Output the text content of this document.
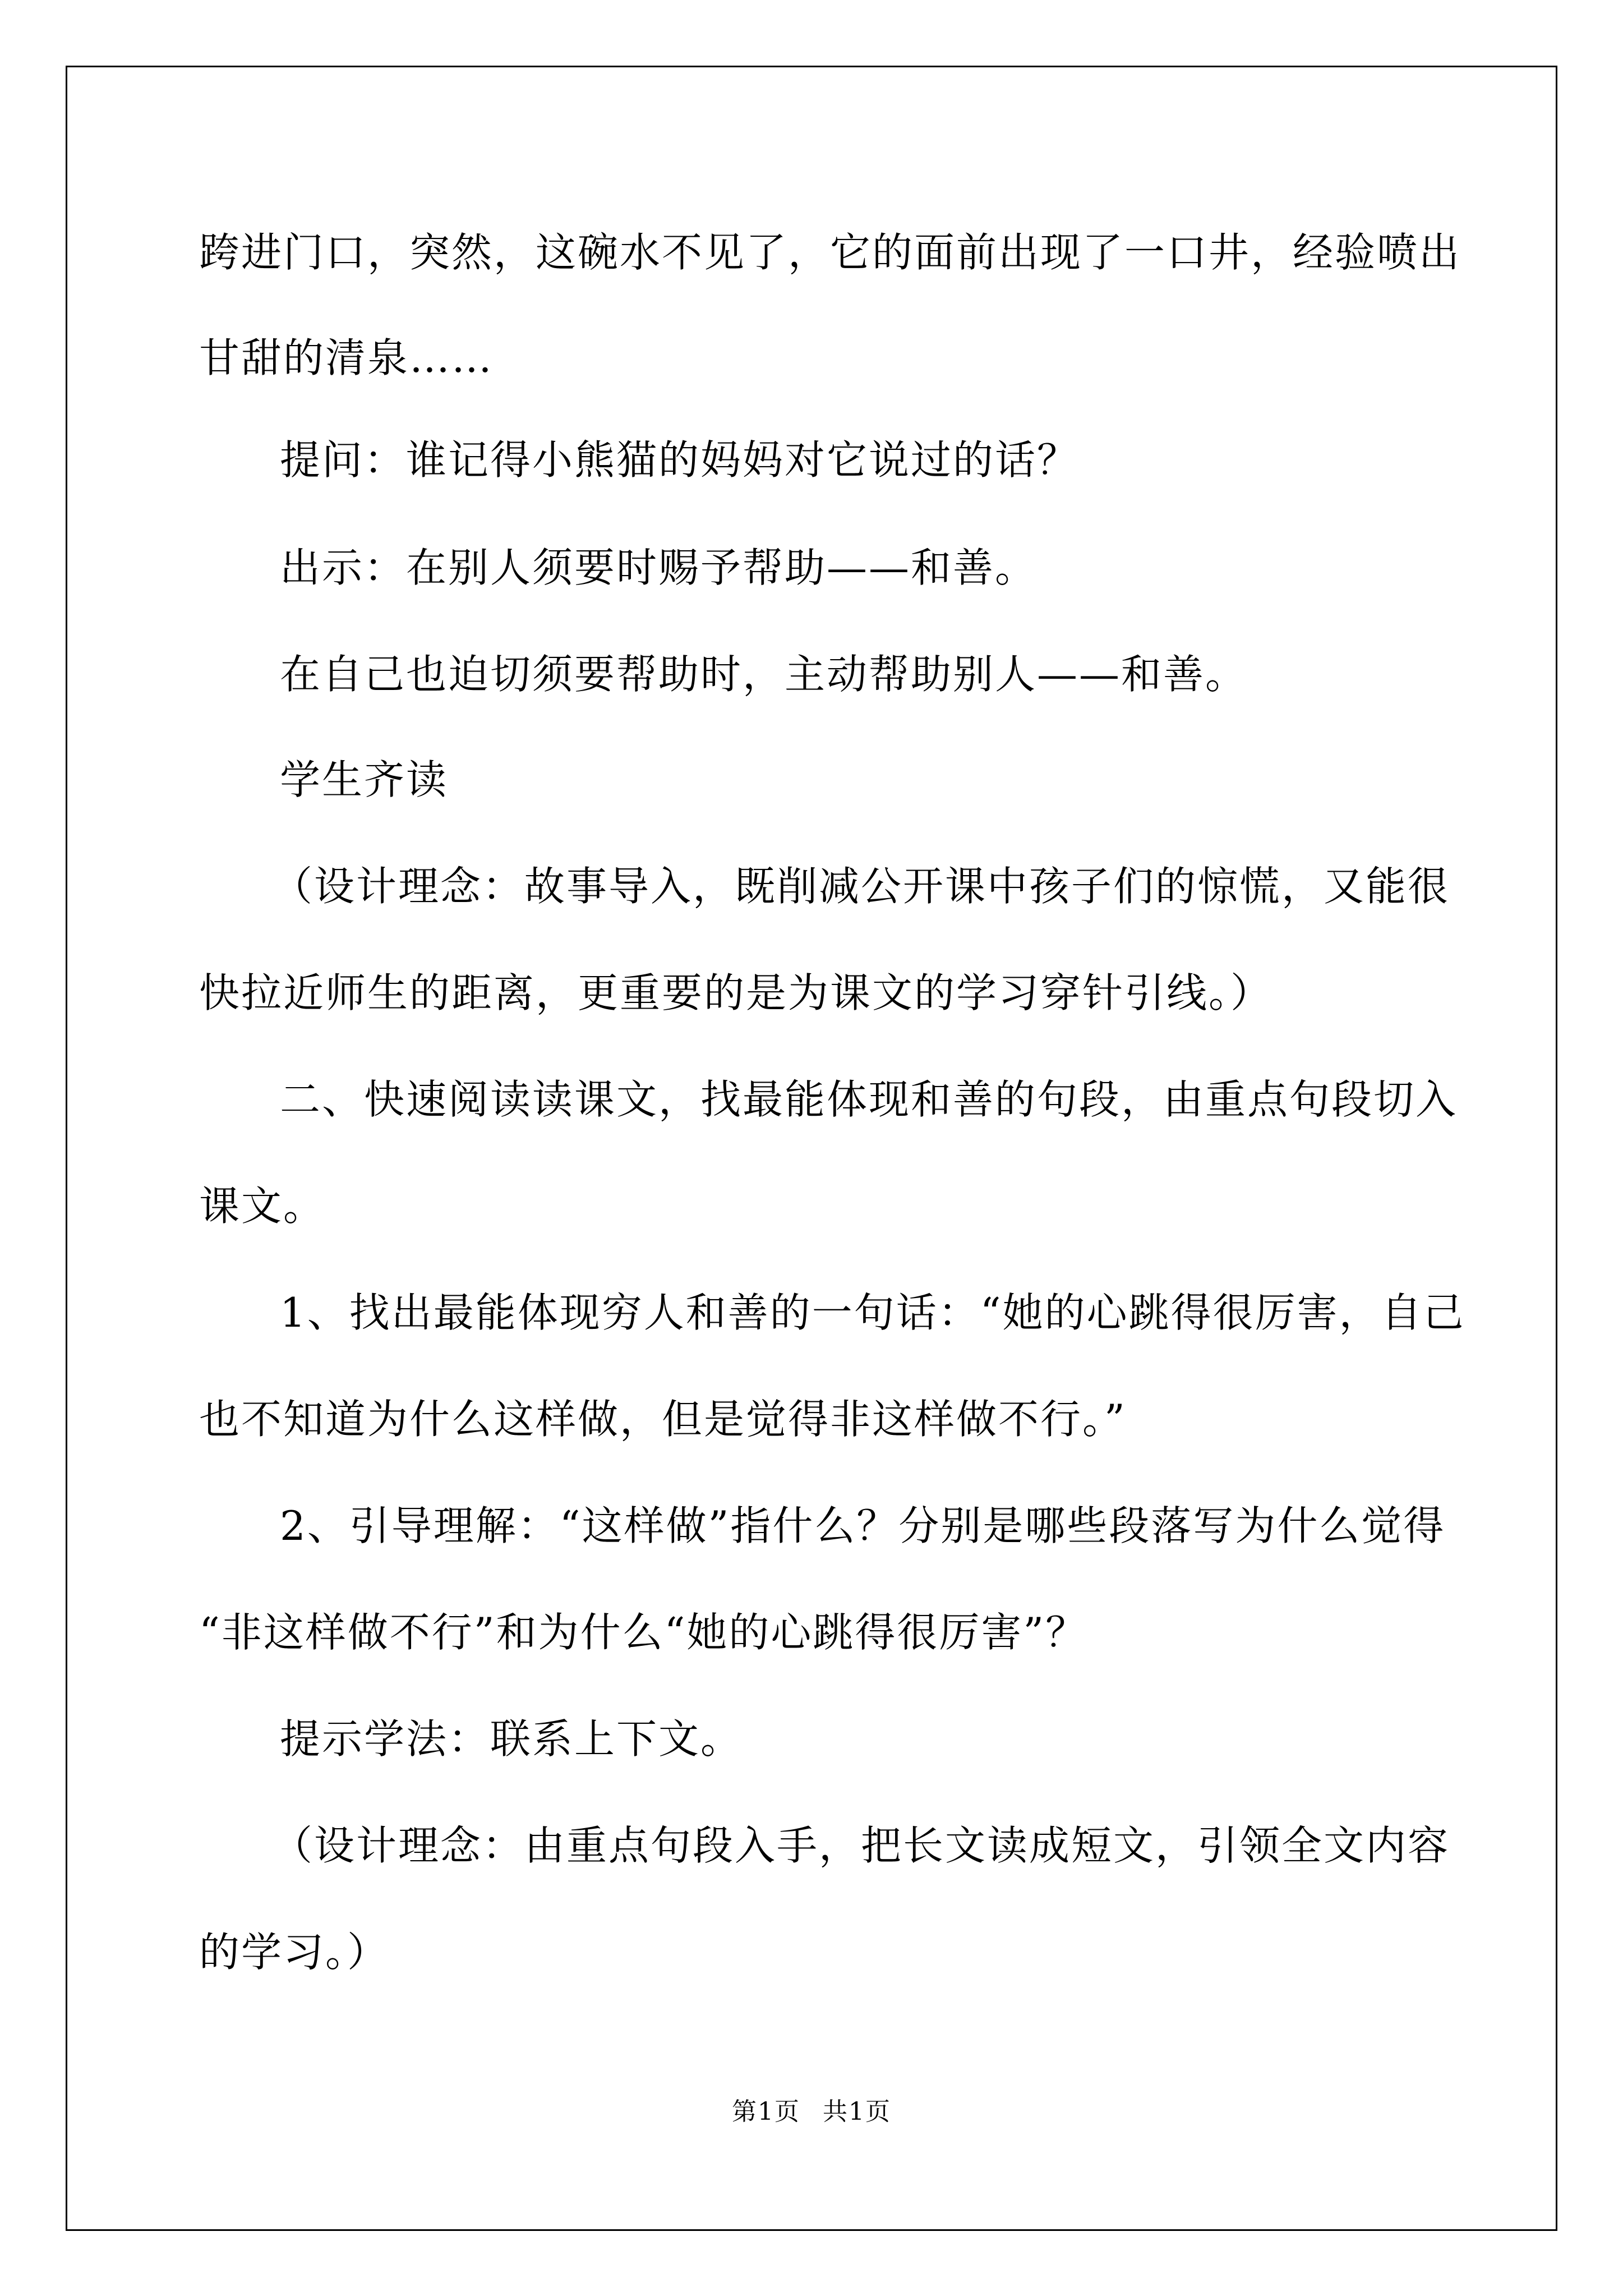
跨进门口，突然，这碗水不见了，它的面前出现了一口井，经验喷出
甘甜的清泉……
提问：谁记得小熊猫的妈妈对它说过的话？
出示：在别人须要时赐予帮助——和善。
在自己也迫切须要帮助时，主动帮助别人——和善。
学生齐读
（设计理念：故事导入，既削减公开课中孩子们的惊慌，又能很
快拉近师生的距离，更重要的是为课文的学习穿针引线。）
二、快速阅读读课文，找最能体现和善的句段，由重点句段切入
课文。
1、找出最能体现穷人和善的一句话：“她的心跳得很厉害，自己
也不知道为什么这样做，但是觉得非这样做不行。”
2、引导理解：“这样做”指什么？分别是哪些段落写为什么觉得
“非这样做不行”和为什么“她的心跳得很厉害”？
提示学法：联系上下文。
（设计理念：由重点句段入手，把长文读成短文，引领全文内容
的学习。）
第1页 共1页
